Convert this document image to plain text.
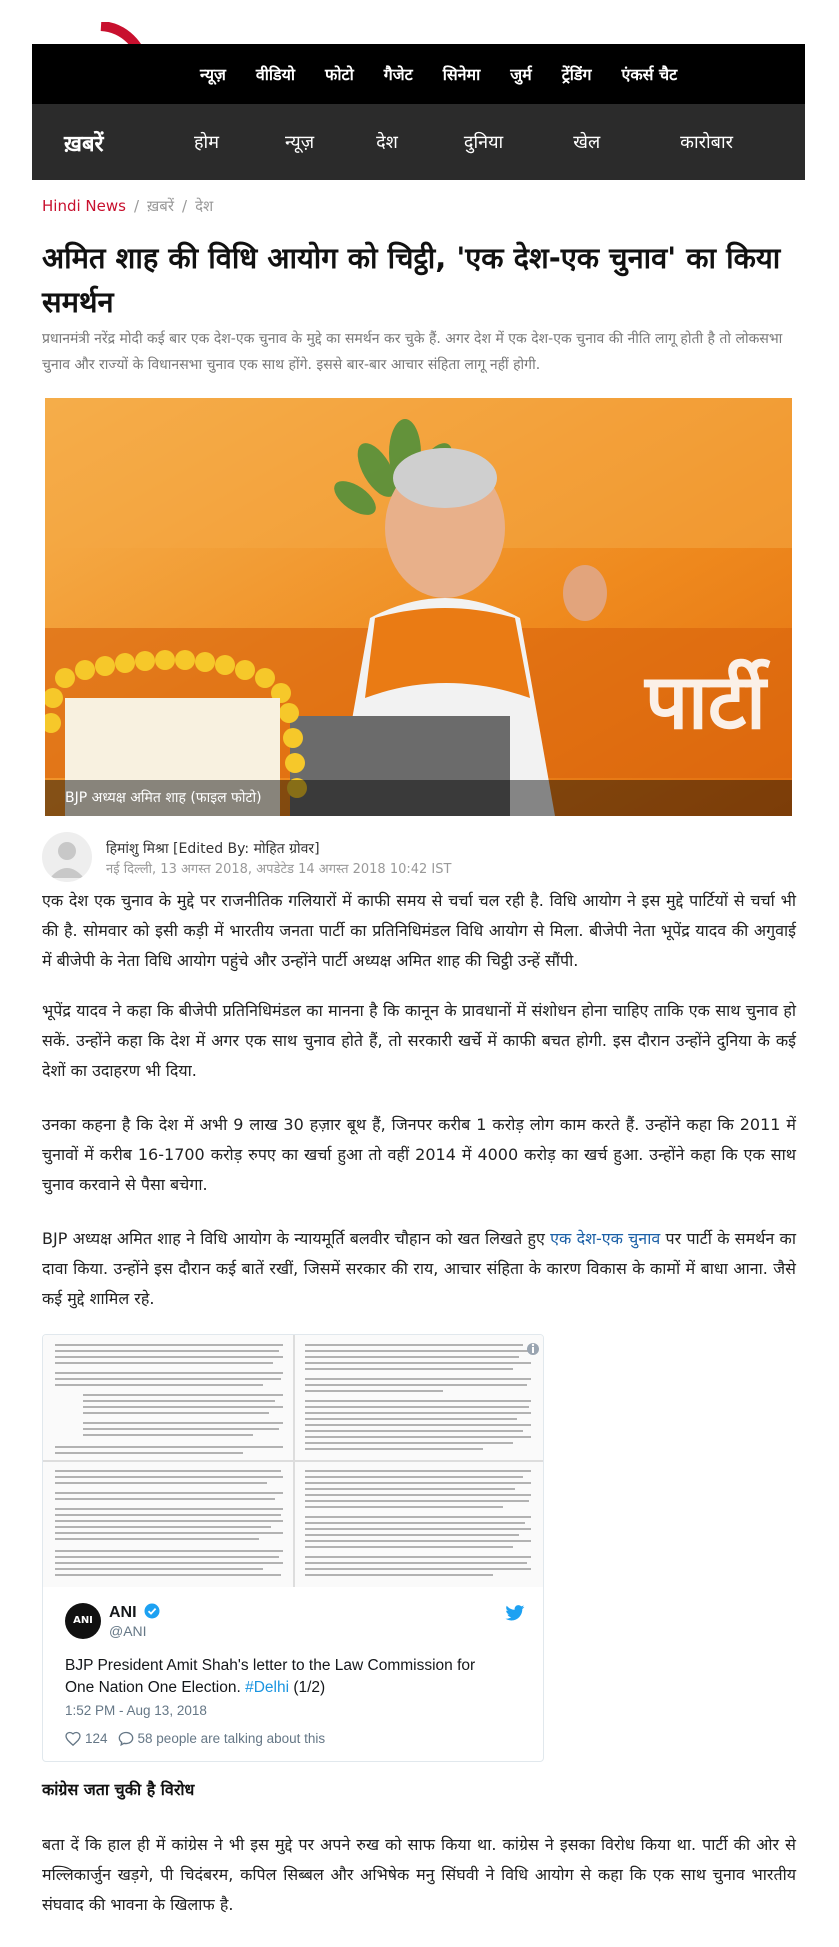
न्यूज़ वीडियो फोटो गैजेट सिनेमा जुर्म ट्रेंडिंग एंकर्स चैट
ख़बरें	होम	न्यूज़	देश	दुनिया	खेल	कारोबार
Hindi News / ख़बरें / देश
अमित शाह की विधि आयोग को चिट्ठी, 'एक देश-एक चुनाव' का किया समर्थन

प्रधानमंत्री नरेंद्र मोदी कई बार एक देश-एक चुनाव के मुद्दे का समर्थन कर चुके हैं. अगर देश में एक देश-एक चुनाव की नीति लागू होती है तो लोकसभा चुनाव और राज्यों के विधानसभा चुनाव एक साथ होंगे. इससे बार-बार आचार संहिता लागू नहीं होगी.

पार्टी
BJP अध्यक्ष अमित शाह (फाइल फोटो)
हिमांशु मिश्रा [Edited By: मोहित ग्रोवर]
नई दिल्ली, 13 अगस्त 2018, अपडेटेड 14 अगस्त 2018 10:42 IST

एक देश एक चुनाव के मुद्दे पर राजनीतिक गलियारों में काफी समय से चर्चा चल रही है. विधि आयोग ने इस मुद्दे पार्टियों से चर्चा भी की है. सोमवार को इसी कड़ी में भारतीय जनता पार्टी का प्रतिनिधिमंडल विधि आयोग से मिला. बीजेपी नेता भूपेंद्र यादव की अगुवाई में बीजेपी के नेता विधि आयोग पहुंचे और उन्होंने पार्टी अध्यक्ष अमित शाह की चिट्ठी उन्हें सौंपी.

भूपेंद्र यादव ने कहा कि बीजेपी प्रतिनिधिमंडल का मानना है कि कानून के प्रावधानों में संशोधन होना चाहिए ताकि एक साथ चुनाव हो सकें. उन्होंने कहा कि देश में अगर एक साथ चुनाव होते हैं, तो सरकारी खर्चे में काफी बचत होगी. इस दौरान उन्होंने दुनिया के कई देशों का उदाहरण भी दिया.

उनका कहना है कि देश में अभी 9 लाख 30 हज़ार बूथ हैं, जिनपर करीब 1 करोड़ लोग काम करते हैं. उन्होंने कहा कि 2011 में चुनावों में करीब 16-1700 करोड़ रुपए का खर्चा हुआ तो वहीं 2014 में 4000 करोड़ का खर्च हुआ. उन्होंने कहा कि एक साथ चुनाव करवाने से पैसा बचेगा.

BJP अध्यक्ष अमित शाह ने विधि आयोग के न्यायमूर्ति बलवीर चौहान को खत लिखते हुए एक देश-एक चुनाव पर पार्टी के समर्थन का दावा किया. उन्होंने इस दौरान कई बातें रखीं, जिसमें सरकार की राय, आचार संहिता के कारण विकास के कामों में बाधा आना. जैसे कई मुद्दे शामिल रहे.

ANI	ANI
@ANI
BJP President Amit Shah's letter to the Law Commission for One Nation One Election. #Delhi (1/2)
1:52 PM - Aug 13, 2018
124 58 people are talking about this
कांग्रेस जता चुकी है विरोध

बता दें कि हाल ही में कांग्रेस ने भी इस मुद्दे पर अपने रुख को साफ किया था. कांग्रेस ने इसका विरोध किया था. पार्टी की ओर से मल्लिकार्जुन खड़गे, पी चिदंबरम, कपिल सिब्बल और अभिषेक मनु सिंघवी ने विधि आयोग से कहा कि एक साथ चुनाव भारतीय संघवाद की भावना के खिलाफ है.
